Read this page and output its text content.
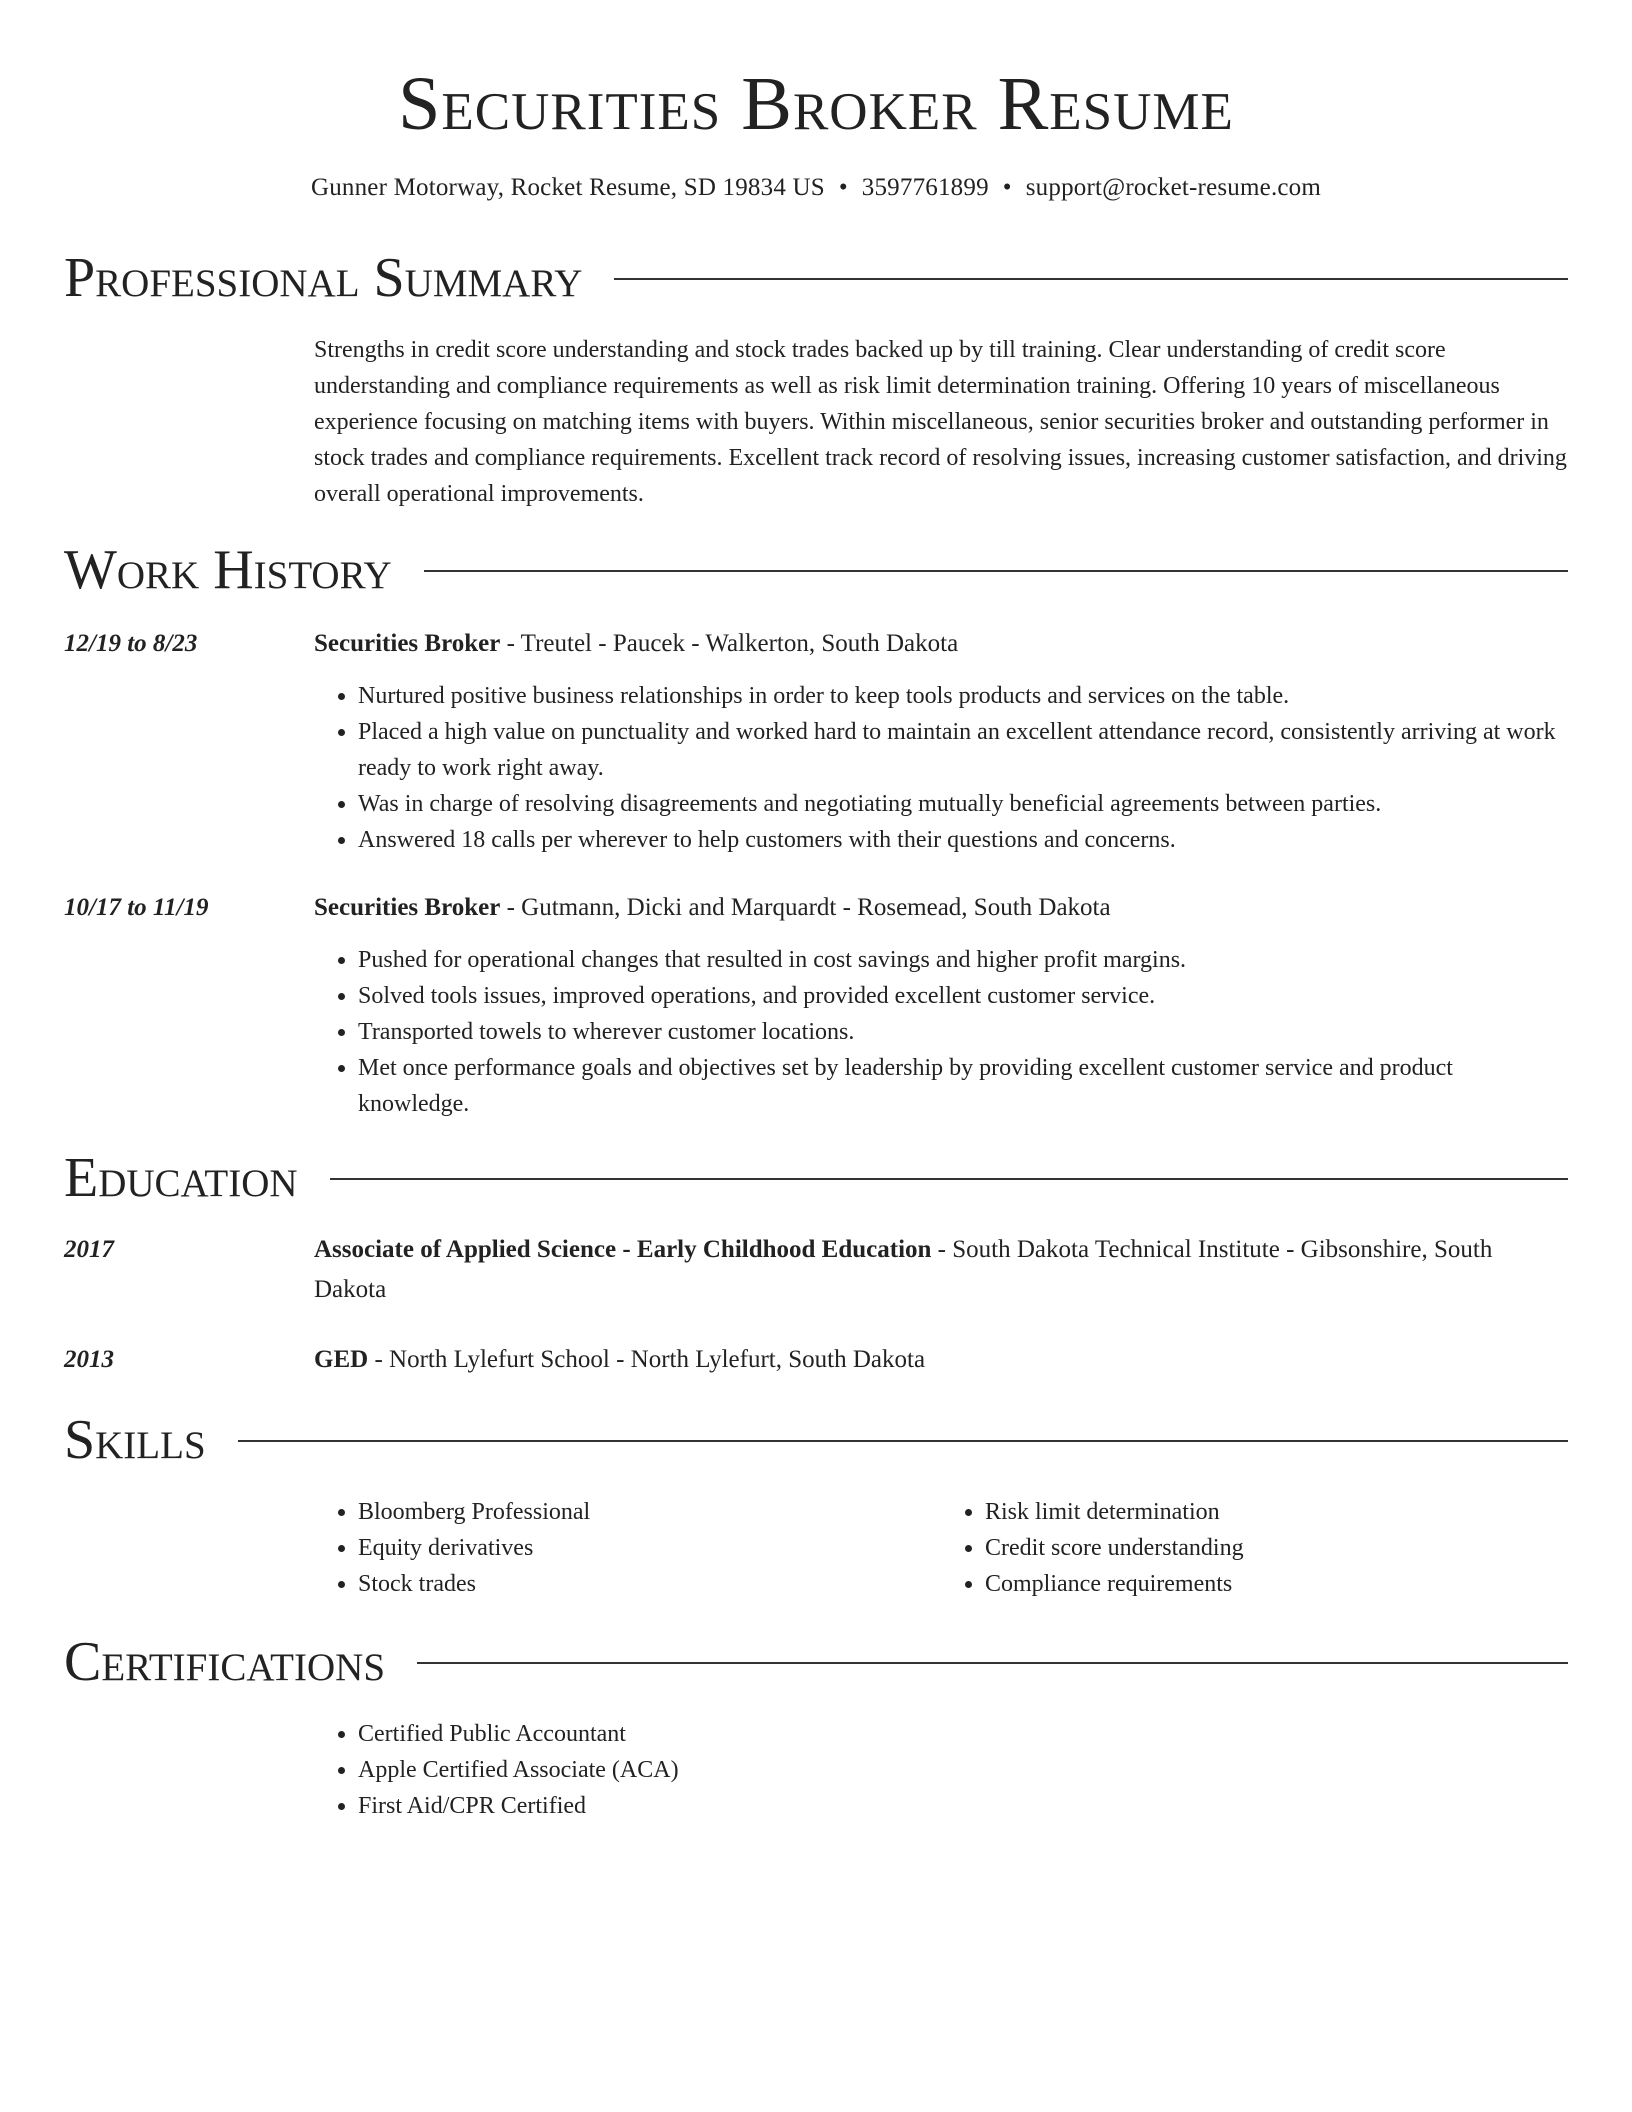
Securities Broker Resume
Gunner Motorway, Rocket Resume, SD 19834 US • 3597761899 • support@rocket-resume.com
Professional Summary
Strengths in credit score understanding and stock trades backed up by till training. Clear understanding of credit score understanding and compliance requirements as well as risk limit determination training. Offering 10 years of miscellaneous experience focusing on matching items with buyers. Within miscellaneous, senior securities broker and outstanding performer in stock trades and compliance requirements. Excellent track record of resolving issues, increasing customer satisfaction, and driving overall operational improvements.
Work History
12/19 to 8/23	Securities Broker - Treutel - Paucek - Walkerton, South Dakota
• Nurtured positive business relationships in order to keep tools products and services on the table.
• Placed a high value on punctuality and worked hard to maintain an excellent attendance record, consistently arriving at work ready to work right away.
• Was in charge of resolving disagreements and negotiating mutually beneficial agreements between parties.
• Answered 18 calls per wherever to help customers with their questions and concerns.
10/17 to 11/19	Securities Broker - Gutmann, Dicki and Marquardt - Rosemead, South Dakota
• Pushed for operational changes that resulted in cost savings and higher profit margins.
• Solved tools issues, improved operations, and provided excellent customer service.
• Transported towels to wherever customer locations.
• Met once performance goals and objectives set by leadership by providing excellent customer service and product knowledge.
Education
2017	Associate of Applied Science - Early Childhood Education - South Dakota Technical Institute - Gibsonshire, South Dakota
2013	GED - North Lylefurt School - North Lylefurt, South Dakota
Skills
• Bloomberg Professional
• Equity derivatives
• Stock trades
• Risk limit determination
• Credit score understanding
• Compliance requirements
Certifications
• Certified Public Accountant
• Apple Certified Associate (ACA)
• First Aid/CPR Certified
